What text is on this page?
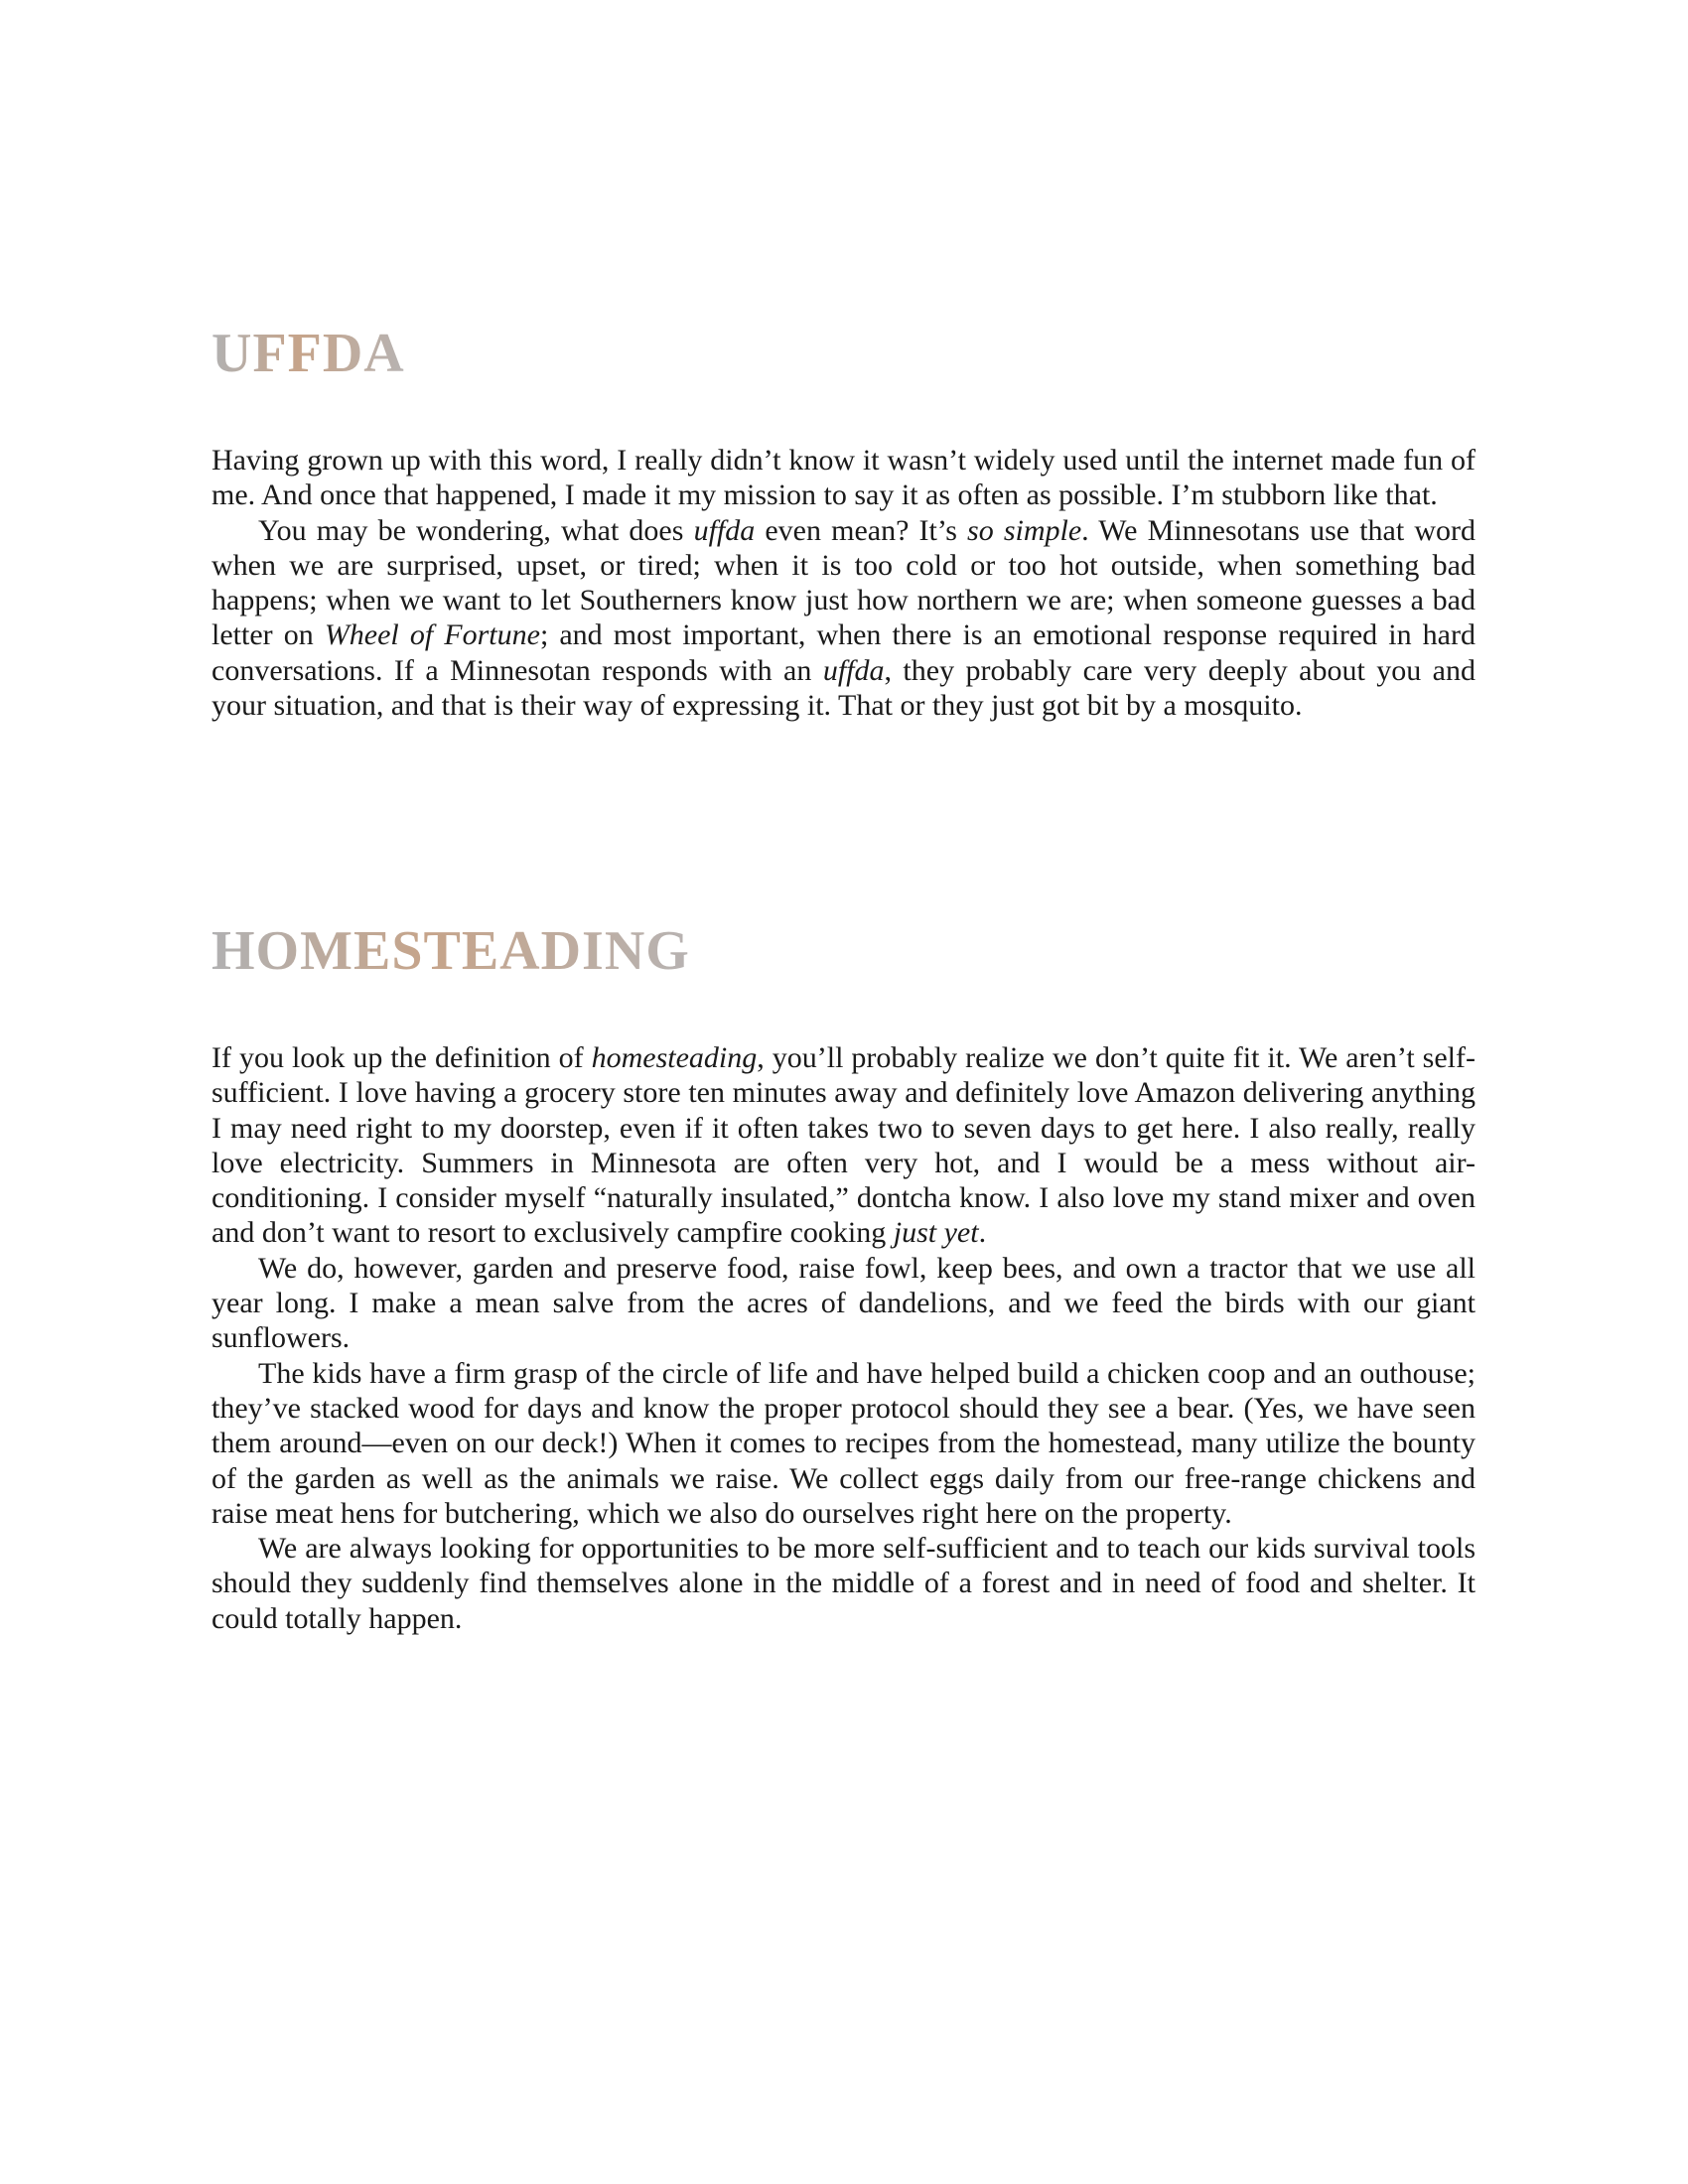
UFFDA

Having grown up with this word, I really didn’t know it wasn’t widely used until the internet made fun of me. And once that happened, I made it my mission to say it as often as possible. I’m stubborn like that.

You may be wondering, what does uffda even mean? It’s so simple. We Minnesotans use that word when we are surprised, upset, or tired; when it is too cold or too hot outside, when something bad happens; when we want to let Southerners know just how northern we are; when someone guesses a bad letter on Wheel of Fortune; and most important, when there is an emotional response required in hard conversations. If a Minnesotan responds with an uffda, they probably care very deeply about you and your situation, and that is their way of expressing it. That or they just got bit by a mosquito.

HOMESTEADING

If you look up the definition of homesteading, you’ll probably realize we don’t quite fit it. We aren’t self-sufficient. I love having a grocery store ten minutes away and definitely love Amazon delivering anything I may need right to my doorstep, even if it often takes two to seven days to get here. I also really, really love electricity. Summers in Minnesota are often very hot, and I would be a mess without air-conditioning. I consider myself “naturally insulated,” dontcha know. I also love my stand mixer and oven and don’t want to resort to exclusively campfire cooking just yet.

We do, however, garden and preserve food, raise fowl, keep bees, and own a tractor that we use all year long. I make a mean salve from the acres of dandelions, and we feed the birds with our giant sunflowers.

The kids have a firm grasp of the circle of life and have helped build a chicken coop and an outhouse; they’ve stacked wood for days and know the proper protocol should they see a bear. (Yes, we have seen them around—even on our deck!) When it comes to recipes from the homestead, many utilize the bounty of the garden as well as the animals we raise. We collect eggs daily from our free-range chickens and raise meat hens for butchering, which we also do ourselves right here on the property.

We are always looking for opportunities to be more self-sufficient and to teach our kids survival tools should they suddenly find themselves alone in the middle of a forest and in need of food and shelter. It could totally happen.
